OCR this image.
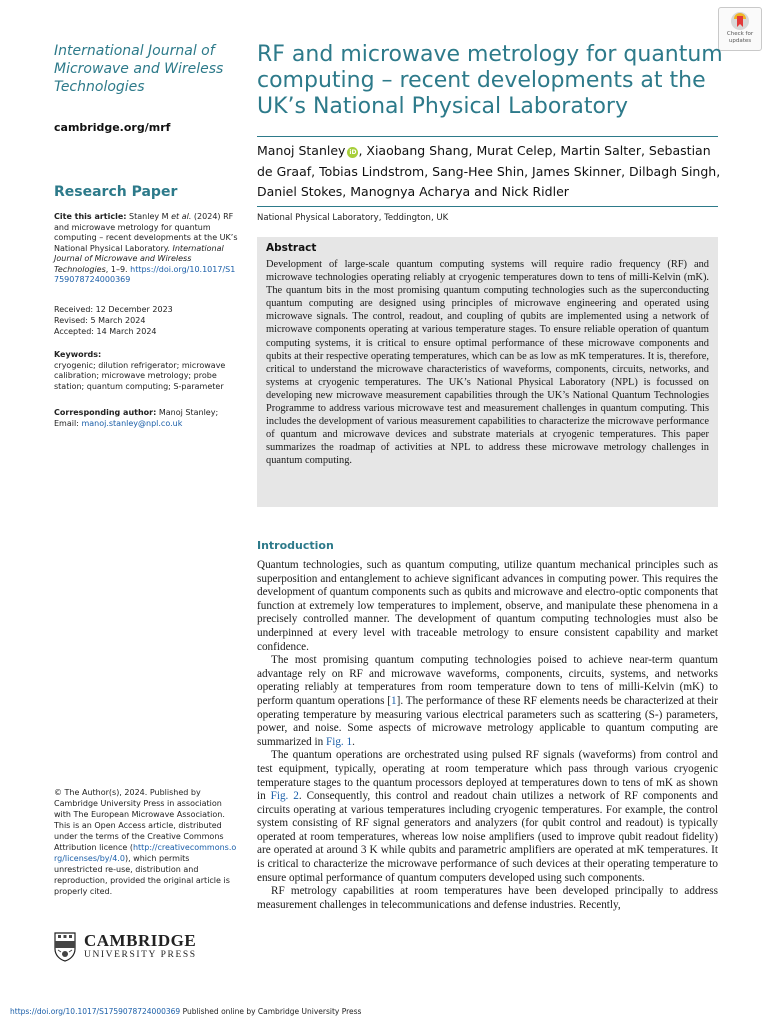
International Journal of Microwave and Wireless Technologies
cambridge.org/mrf
Research Paper
Cite this article: Stanley M et al. (2024) RF and microwave metrology for quantum computing – recent developments at the UK’s National Physical Laboratory. International Journal of Microwave and Wireless Technologies, 1–9. https://doi.org/10.1017/S1759078724000369
Received: 12 December 2023
Revised: 5 March 2024
Accepted: 14 March 2024
Keywords:
cryogenic; dilution refrigerator; microwave calibration; microwave metrology; probe station; quantum computing; S-parameter
Corresponding author: Manoj Stanley;
Email: manoj.stanley@npl.co.uk
© The Author(s), 2024. Published by Cambridge University Press in association with The European Microwave Association. This is an Open Access article, distributed under the terms of the Creative Commons Attribution licence (http://creativecommons.org/licenses/by/4.0), which permits unrestricted re-use, distribution and reproduction, provided the original article is properly cited.
CAMBRIDGE
UNIVERSITY PRESS
https://doi.org/10.1017/S1759078724000369 Published online by Cambridge University Press
Check for updates
RF and microwave metrology for quantum computing – recent developments at the UK’s National Physical Laboratory
Manoj Stanley iD , Xiaobang Shang, Murat Celep, Martin Salter, Sebastian de Graaf, Tobias Lindstrom, Sang-Hee Shin, James Skinner, Dilbagh Singh, Daniel Stokes, Manognya Acharya and Nick Ridler
National Physical Laboratory, Teddington, UK
Abstract
Development of large-scale quantum computing systems will require radio frequency (RF) and microwave technologies operating reliably at cryogenic temperatures down to tens of milli-Kelvin (mK). The quantum bits in the most promising quantum computing technologies such as the superconducting quantum computing are designed using principles of microwave engineering and operated using microwave signals. The control, readout, and coupling of qubits are implemented using a network of microwave components operating at various temperature stages. To ensure reliable operation of quantum computing systems, it is critical to ensure optimal performance of these microwave components and qubits at their respective operating temperatures, which can be as low as mK temperatures. It is, therefore, critical to understand the microwave characteristics of waveforms, components, circuits, networks, and systems at cryogenic temperatures. The UK’s National Physical Laboratory (NPL) is focussed on developing new microwave measurement capabilities through the UK’s National Quantum Technologies Programme to address various microwave test and measurement challenges in quantum computing. This includes the development of various measurement capabilities to characterize the microwave performance of quantum and microwave devices and substrate materials at cryogenic temperatures. This paper summarizes the roadmap of activities at NPL to address these microwave metrology challenges in quantum computing.
Introduction

Quantum technologies, such as quantum computing, utilize quantum mechanical principles such as superposition and entanglement to achieve significant advances in computing power. This requires the development of quantum components such as qubits and microwave and electro-optic components that function at extremely low temperatures to implement, observe, and manipulate these phenomena in a precisely controlled manner. The development of quantum computing technologies must also be underpinned at every level with traceable metrology to ensure consistent capability and market confidence.

The most promising quantum computing technologies poised to achieve near-term quantum advantage rely on RF and microwave waveforms, components, circuits, systems, and networks operating reliably at temperatures from room temperature down to tens of milli-Kelvin (mK) to perform quantum operations [1]. The performance of these RF elements needs be characterized at their operating temperature by measuring various electrical parameters such as scattering (S-) parameters, power, and noise. Some aspects of microwave metrology applicable to quantum computing are summarized in Fig. 1.

The quantum operations are orchestrated using pulsed RF signals (waveforms) from control and test equipment, typically, operating at room temperature which pass through various cryogenic temperature stages to the quantum processors deployed at temperatures down to tens of mK as shown in Fig. 2. Consequently, this control and readout chain utilizes a network of RF components and circuits operating at various temperatures including cryogenic temperatures. For example, the control system consisting of RF signal generators and analyzers (for qubit control and readout) is typically operated at room temperatures, whereas low noise amplifiers (used to improve qubit readout fidelity) are operated at around 3 K while qubits and parametric amplifiers are operated at mK temperatures. It is critical to characterize the microwave performance of such devices at their operating temperature to ensure optimal performance of quantum computers developed using such components.

RF metrology capabilities at room temperatures have been developed principally to address measurement challenges in telecommunications and defense industries. Recently,
